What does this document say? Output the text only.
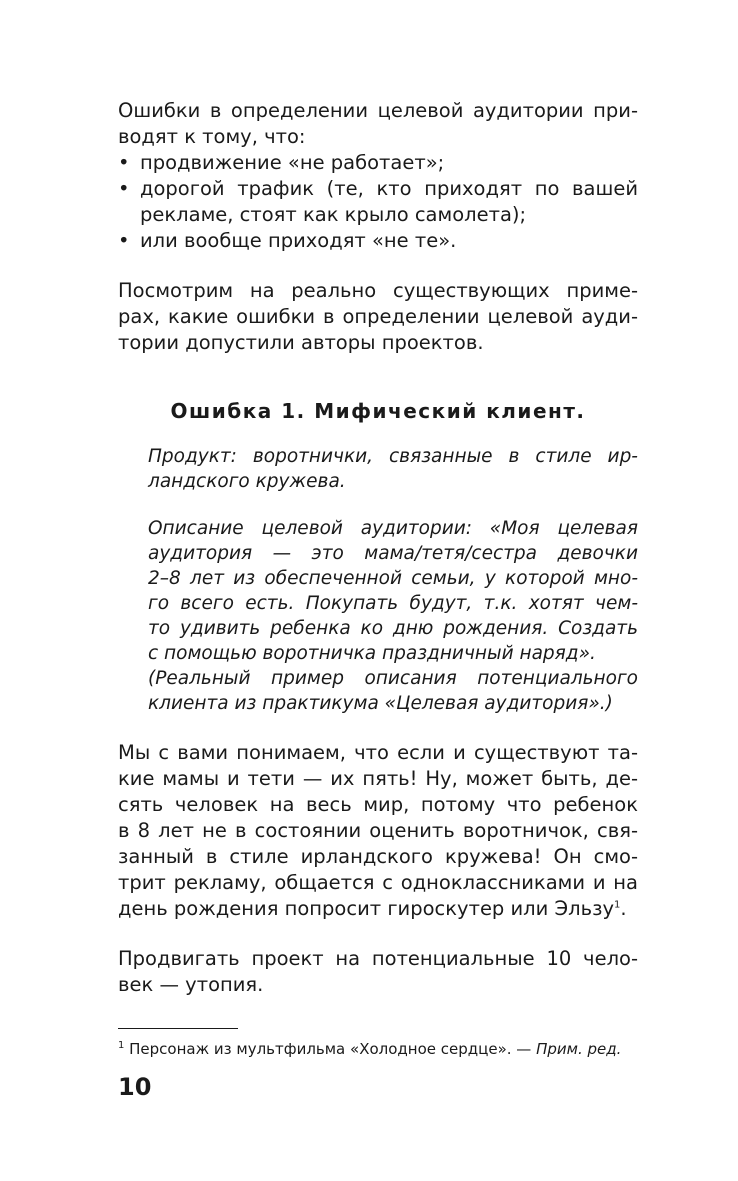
Ошибки в определении целевой аудитории при-
водят к тому, что:
• продвижение «не работает»;
• дорогой трафик (те, кто приходят по вашей рекламе, стоят как крыло самолета);
• или вообще приходят «не те».
Посмотрим на реально существующих приме-
рах, какие ошибки в определении целевой ауди-
тории допустили авторы проектов.
Ошибка 1. Мифический клиент.
Продукт: воротнички, связанные в стиле ир-
ландского кружева.
Описание целевой аудитории: «Моя целевая
аудитория — это мама/тетя/сестра девочки
2–8 лет из обеспеченной семьи, у которой мно-
го всего есть. Покупать будут, т.к. хотят чем-
то удивить ребенка ко дню рождения. Создать
с помощью воротничка праздничный наряд».
(Реальный пример описания потенциального
клиента из практикума «Целевая аудитория».)
Мы с вами понимаем, что если и существуют та-
кие мамы и тети — их пять! Ну, может быть, де-
сять человек на весь мир, потому что ребенок
в 8 лет не в состоянии оценить воротничок, свя-
занный в стиле ирландского кружева! Он смо-
трит рекламу, общается с одноклассниками и на
день рождения попросит гироскутер или Эльзу$^1$.
Продвигать проект на потенциальные 10 чело-
век — утопия.
$^1$ Персонаж из мультфильма «Холодное сердце». — Прим. ред.
10
